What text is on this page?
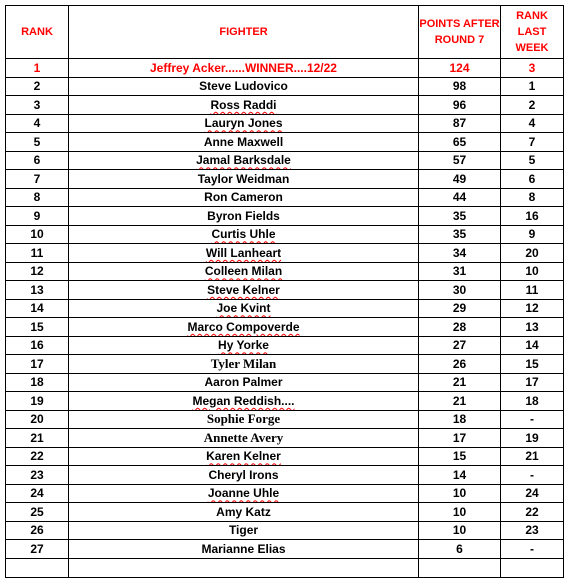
RANK	FIGHTER	POINTS AFTER ROUND 7	RANK LAST WEEK
1	Jeffrey Acker......WINNER....12/22	124	3
2	Steve Ludovico	98	1
3	Ross Raddi	96	2
4	Lauryn Jones	87	4
5	Anne Maxwell	65	7
6	Jamal Barksdale	57	5
7	Taylor Weidman	49	6
8	Ron Cameron	44	8
9	Byron Fields	35	16
10	Curtis Uhle	35	9
11	Will Lanheart	34	20
12	Colleen Milan	31	10
13	Steve Kelner	30	11
14	Joe Kvint	29	12
15	Marco Compoverde	28	13
16	Hy Yorke	27	14
17	Tyler Milan	26	15
18	Aaron Palmer	21	17
19	Megan Reddish....	21	18
20	Sophie Forge	18	-
21	Annette Avery	17	19
22	Karen Kelner	15	21
23	Cheryl Irons	14	-
24	Joanne Uhle	10	24
25	Amy Katz	10	22
26	Tiger	10	23
27	Marianne Elias	6	-
